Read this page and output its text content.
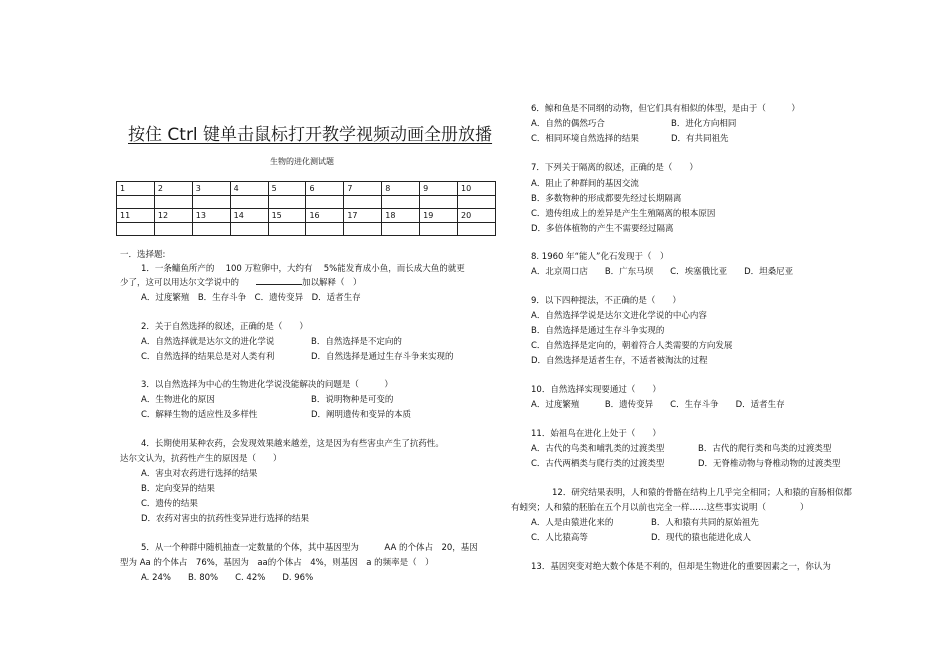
按住 Ctrl 键单击鼠标打开教学视频动画全册放播
生物的进化测试题
1	2	3	4	5	6	7	8	9	10

11	12	13	14	15	16	17	18	19	20

一．选择题:
1．一条鳙鱼所产的　 100 万粒卵中，大约有　 5%能发育成小鱼，而长成大鱼的就更
少了，这可以用达尔文学说中的　　	加以解释（　）
A．过度繁殖　B．生存斗争　C．遗传变异　D．适者生存
2．关于自然选择的叙述，正确的是（　　）
A．自然选择就是达尔文的进化学说	B．自然选择是不定向的
C．自然选择的结果总是对人类有利	D．自然选择是通过生存斗争来实现的
3．以自然选择为中心的生物进化学说没能解决的问题是（　　　）
A．生物进化的原因	B．说明物种是可变的
C．解释生物的适应性及多样性	D．阐明遗传和变异的本质
4．长期使用某种农药，会发现效果越来越差，这是因为有些害虫产生了抗药性。
达尔文认为，抗药性产生的原因是（　　）
A．害虫对农药进行选择的结果
B．定向变异的结果
C．遗传的结果
D．农药对害虫的抗药性变异进行选择的结果
5．从一个种群中随机抽查一定数量的个体，其中基因型为　　　AA 的个体占　20，基因
型为 Aa 的个体占　76%，基因为　aa的个体占　4%，则基因　a 的频率是（　）
A. 24%　　B. 80%　　C. 42%　　D. 96%
6．鲸和鱼是不同纲的动物，但它们具有相似的体型，是由于（　　　）
A．自然的偶然巧合	B．进化方向相同
C．相同环境自然选择的结果	D．有共同祖先
7．下列关于隔离的叙述，正确的是（　　）
A．阻止了种群间的基因交流
B．多数物种的形成都要先经过长期隔离
C．遗传组成上的差异是产生生殖隔离的根本原因
D．多倍体植物的产生不需要经过隔离
8. 1960 年“能人”化石发现于（　）
A．北京周口店　　B．广东马坝　　C．埃塞俄比亚　　D．坦桑尼亚
9．以下四种提法，不正确的是（　　）
A．自然选择学说是达尔文进化学说的中心内容
B．自然选择是通过生存斗争实现的
C．自然选择是定向的，朝着符合人类需要的方向发展
D．自然选择是适者生存，不适者被淘汰的过程
10．自然选择实现要通过（　　）
A．过度繁殖　　　B．遗传变异　　C．生存斗争　　D．适者生存
11．始祖鸟在进化上处于（　　）
A．古代的鸟类和哺乳类的过渡类型	B．古代的爬行类和鸟类的过渡类型
C．古代两栖类与爬行类的过渡类型	D．无脊椎动物与脊椎动物的过渡类型
12．研究结果表明，人和猿的骨骼在结构上几乎完全相同；人和猿的盲肠相似都
有蚓突；人和猿的胚胎在五个月以前也完全一样……这些事实说明（　　　　）
A．人是由猿进化来的	B．人和猿有共同的原始祖先
C．人比猿高等	D．现代的猿也能进化成人
13．基因突变对绝大数个体是不利的，但却是生物进化的重要因素之一，你认为
